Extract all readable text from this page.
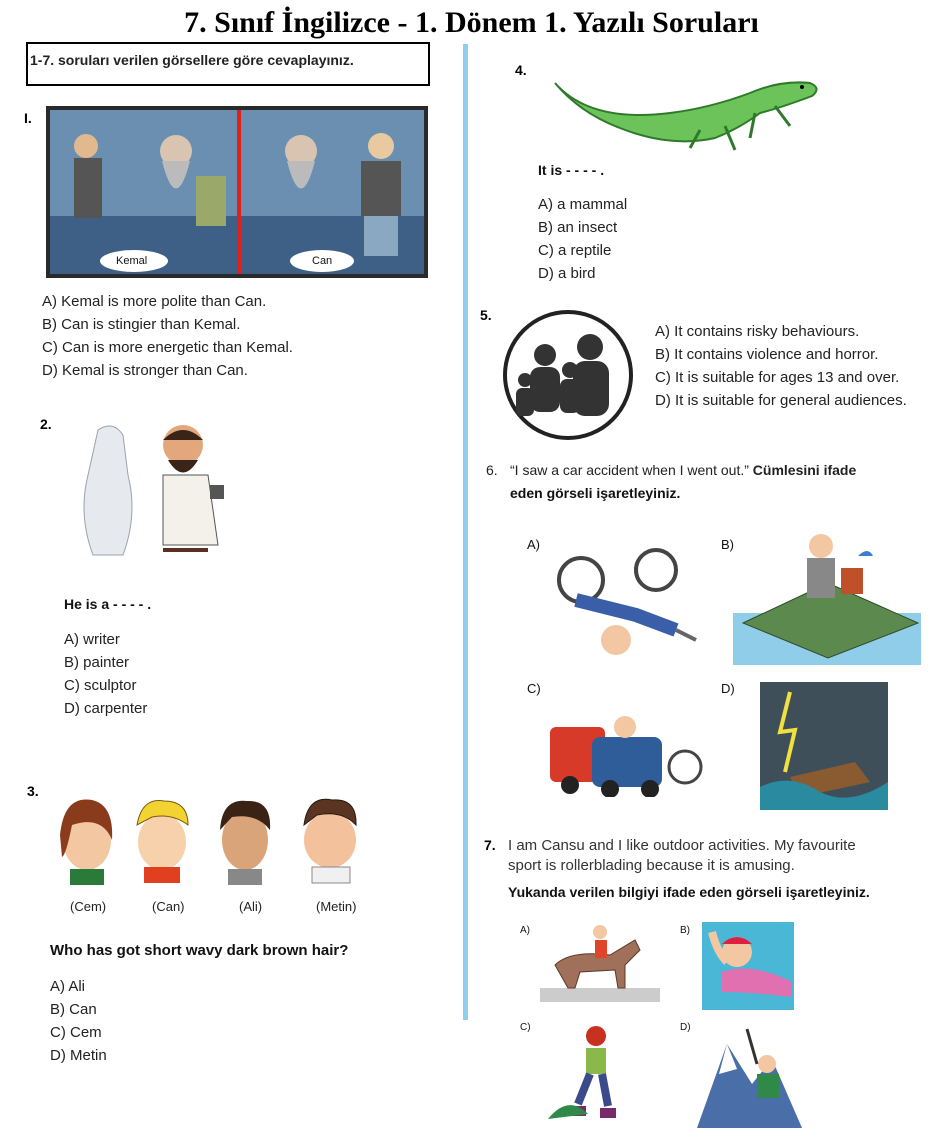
7. Sınıf İngilizce - 1. Dönem 1. Yazılı Soruları
1-7. soruları verilen görsellere göre cevaplayınız.
I.
Kemal	Can
A) Kemal is more polite than Can.
B) Can is stingier than Kemal.
C) Can is more energetic than Kemal.
D) Kemal is stronger than Can.
2.
He is a - - - - .
A) writer
B) painter
C) sculptor
D) carpenter
3.
(Cem)	(Can)	(Ali)	(Metin)
Who has got short wavy dark brown hair?
A) Ali
B) Can
C) Cem
D) Metin
4.
It is - - - - .
A) a mammal
B) an insect
C) a reptile
D) a bird
5.
A) It contains risky behaviours.
B) It contains violence and horror.
C) It is suitable for ages 13 and over.
D) It is suitable for general audiences.
6. “I saw a car accident when I went out.” Cümlesini ifade
eden görseli işaretleyiniz.
A)	B)
C)	D)
7. I am Cansu and I like outdoor activities. My favourite
sport is rollerblading because it is amusing.
Yukanda verilen bilgiyi ifade eden görseli işaretleyiniz.
A)	B)
C)	D)
